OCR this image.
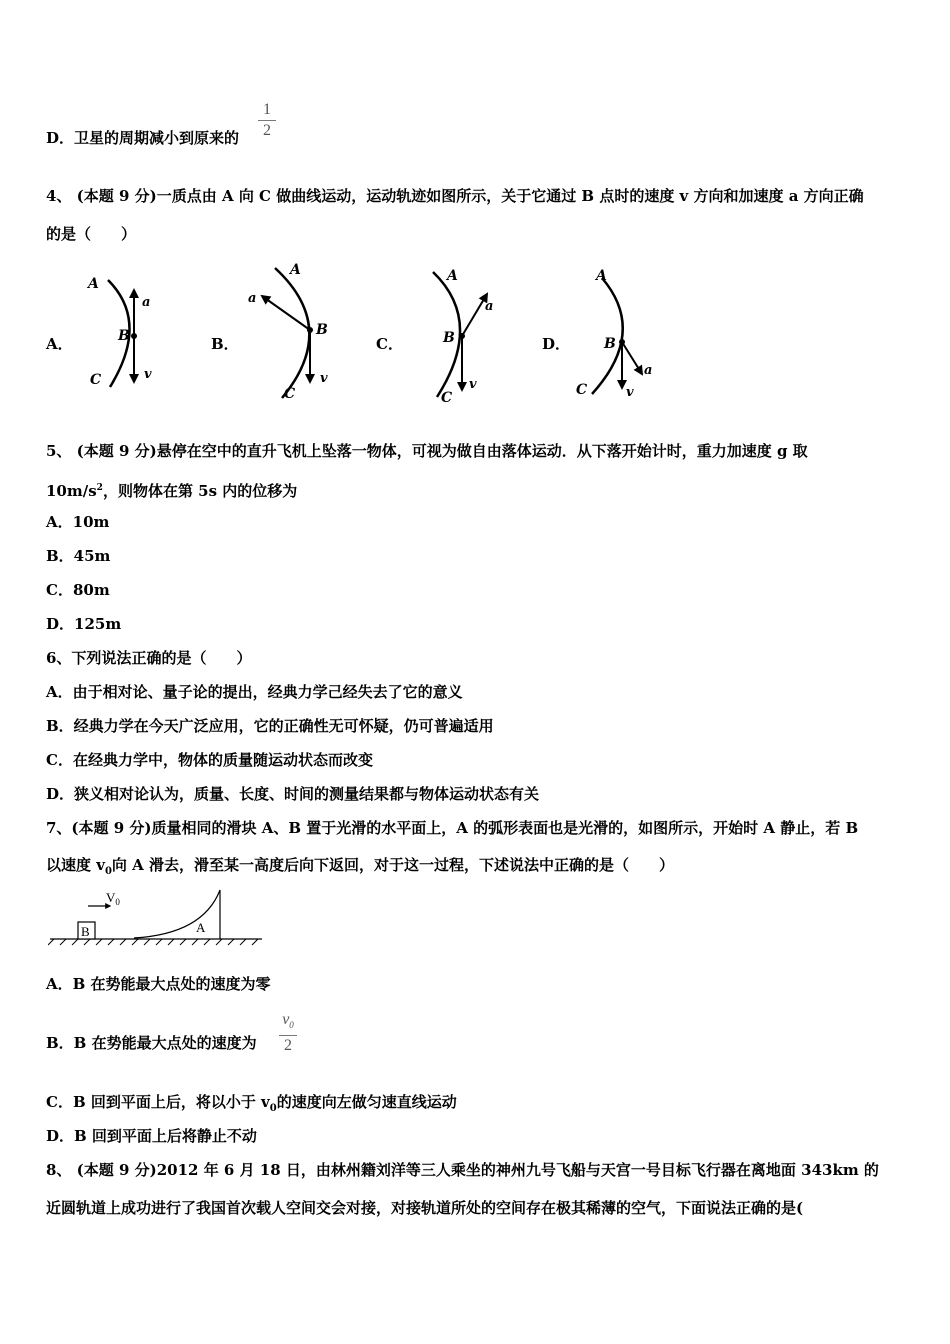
D．卫星的周期减小到原来的
1
2
4、 (本题 9 分)一质点由 A 向 C 做曲线运动，运动轨迹如图所示，关于它通过 B 点时的速度 v 方向和加速度 a 方向正确
的是（　　）
A．
A
B
C
a
v
B．
A
B
C
a
v
C．
A
B
C
a
v
D．
A
B
C
a
v
5、 (本题 9 分)悬停在空中的直升飞机上坠落一物体，可视为做自由落体运动．从下落开始计时，重力加速度 g 取
$10m/s^2$，则物体在第 5s 内的位移为
A．10m
B．45m
C．80m
D．125m
6、下列说法正确的是（　　）
A．由于相对论、量子论的提出，经典力学己经失去了它的意义
B．经典力学在今天广泛应用，它的正确性无可怀疑，仍可普遍适用
C．在经典力学中，物体的质量随运动状态而改变
D．狭义相对论认为，质量、长度、时间的测量结果都与物体运动状态有关
7、(本题 9 分)质量相同的滑块 A、B 置于光滑的水平面上，A 的弧形表面也是光滑的，如图所示，开始时 A 静止，若 B
以速度 $v_0$向 A 滑去，滑至某一高度后向下返回，对于这一过程，下述说法中正确的是（　　）
B
$V_0$
A
A．B 在势能最大点处的速度为零
B．B 在势能最大点处的速度为
$v_0$
2
C．B 回到平面上后，将以小于 $v_0$的速度向左做匀速直线运动
D．B 回到平面上后将静止不动
8、 (本题 9 分)2012 年 6 月 18 日，由林州籍刘洋等三人乘坐的神州九号飞船与天宫一号目标飞行器在离地面 343km 的
近圆轨道上成功进行了我国首次载人空间交会对接，对接轨道所处的空间存在极其稀薄的空气，下面说法正确的是(
